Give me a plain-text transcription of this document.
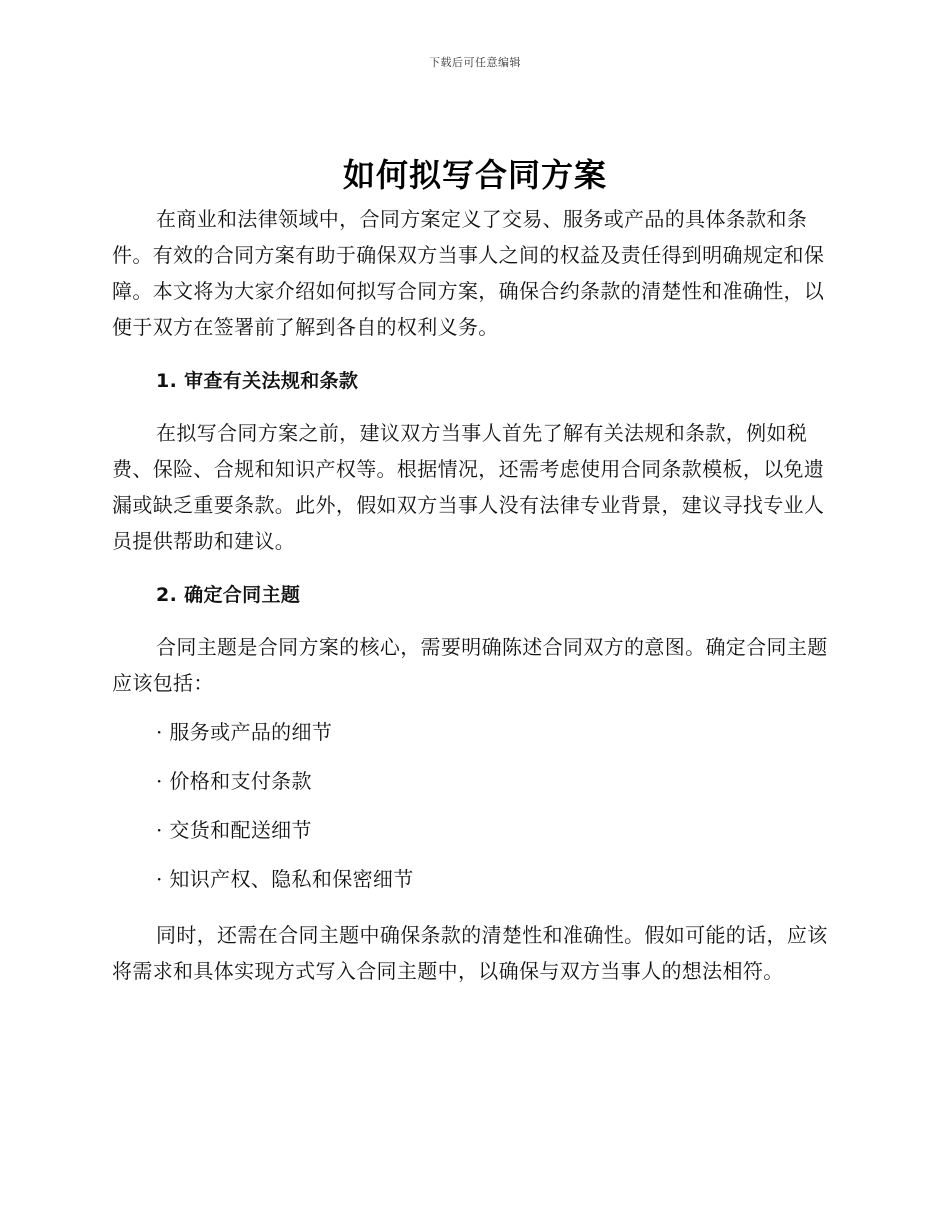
下载后可任意编辑
如何拟写合同方案

在商业和法律领域中，合同方案定义了交易、服务或产品的具体条款和条件。有效的合同方案有助于确保双方当事人之间的权益及责任得到明确规定和保障。本文将为大家介绍如何拟写合同方案，确保合约条款的清楚性和准确性，以便于双方在签署前了解到各自的权利义务。

1. 审查有关法规和条款

在拟写合同方案之前，建议双方当事人首先了解有关法规和条款，例如税费、保险、合规和知识产权等。根据情况，还需考虑使用合同条款模板，以免遗漏或缺乏重要条款。此外，假如双方当事人没有法律专业背景，建议寻找专业人员提供帮助和建议。

2. 确定合同主题

合同主题是合同方案的核心，需要明确陈述合同双方的意图。确定合同主题应该包括：

· 服务或产品的细节

· 价格和支付条款

· 交货和配送细节

· 知识产权、隐私和保密细节

同时，还需在合同主题中确保条款的清楚性和准确性。假如可能的话，应该将需求和具体实现方式写入合同主题中，以确保与双方当事人的想法相符。
